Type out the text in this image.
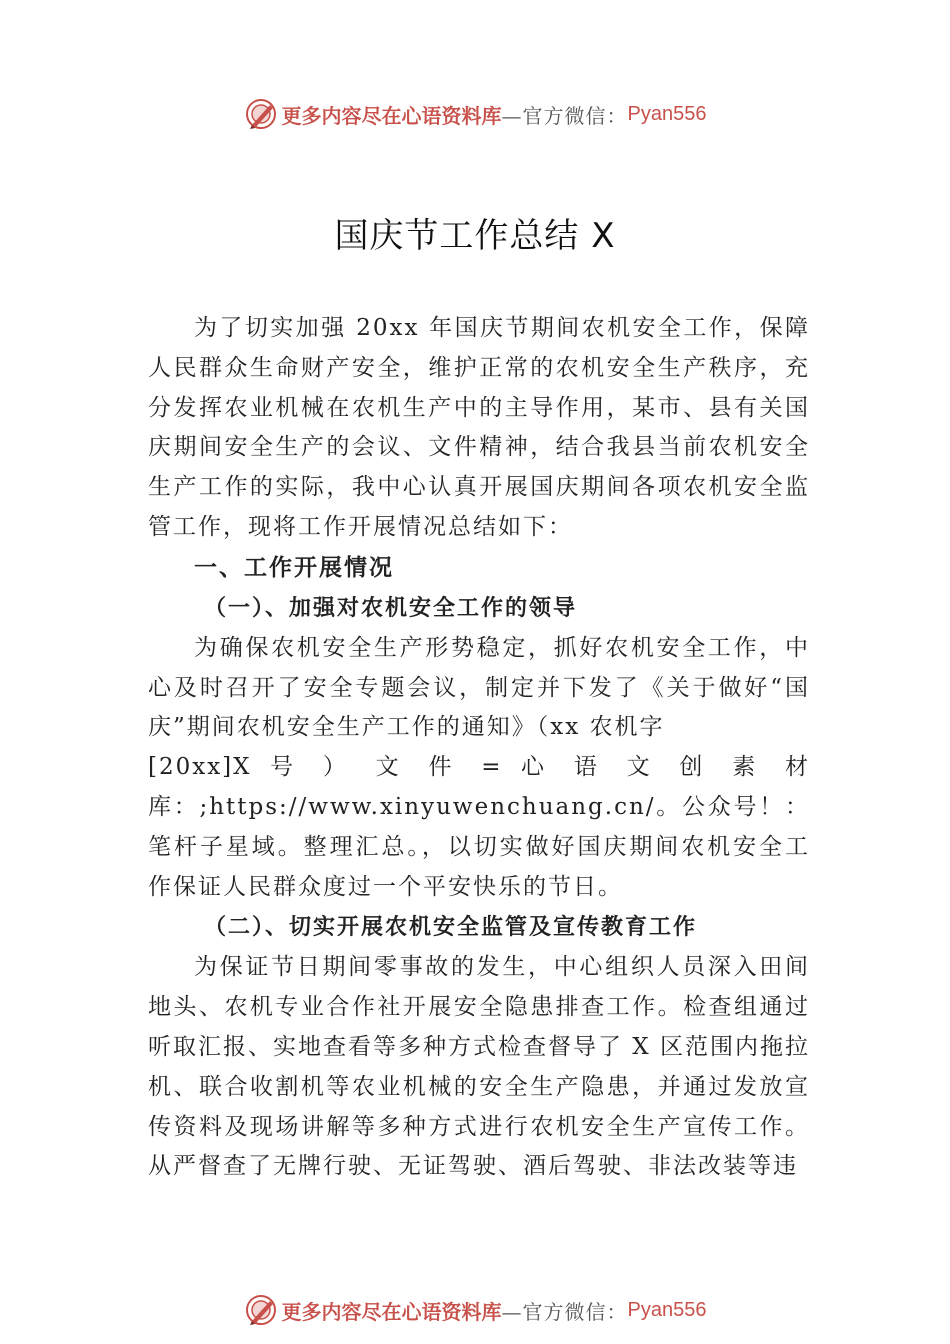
更多内容尽在心语资料库 —官方微信： Pyan556
国庆节工作总结 X

为了切实加强 20xx 年国庆节期间农机安全工作，保障人民群众生命财产安全，维护正常的农机安全生产秩序，充分发挥农业机械在农机生产中的主导作用，某市、县有关国庆期间安全生产的会议、文件精神，结合我县当前农机安全生产工作的实际，我中心认真开展国庆期间各项农机安全监管工作，现将工作开展情况总结如下：

一、工作开展情况
（一）、加强对农机安全工作的领导

为确保农机安全生产形势稳定，抓好农机安全工作，中心及时召开了安全专题会议，制定并下发了《关于做好“国庆”期间农机安全生产工作的通知》（xx 农机字

[20xx]X 号 ） 文 件 = 心 语 文 创 素 材

库：;https://www.xinyuwenchuang.cn/。公众号！：笔杆子星域。整理汇总。，以切实做好国庆期间农机安全工作保证人民群众度过一个平安快乐的节日。

（二）、切实开展农机安全监管及宣传教育工作

为保证节日期间零事故的发生，中心组织人员深入田间地头、农机专业合作社开展安全隐患排查工作。检查组通过听取汇报、实地查看等多种方式检查督导了 X 区范围内拖拉机、联合收割机等农业机械的安全生产隐患，并通过发放宣传资料及现场讲解等多种方式进行农机安全生产宣传工作。 从严督查了无牌行驶、无证驾驶、酒后驾驶、非法改装等违

更多内容尽在心语资料库 —官方微信： Pyan556
